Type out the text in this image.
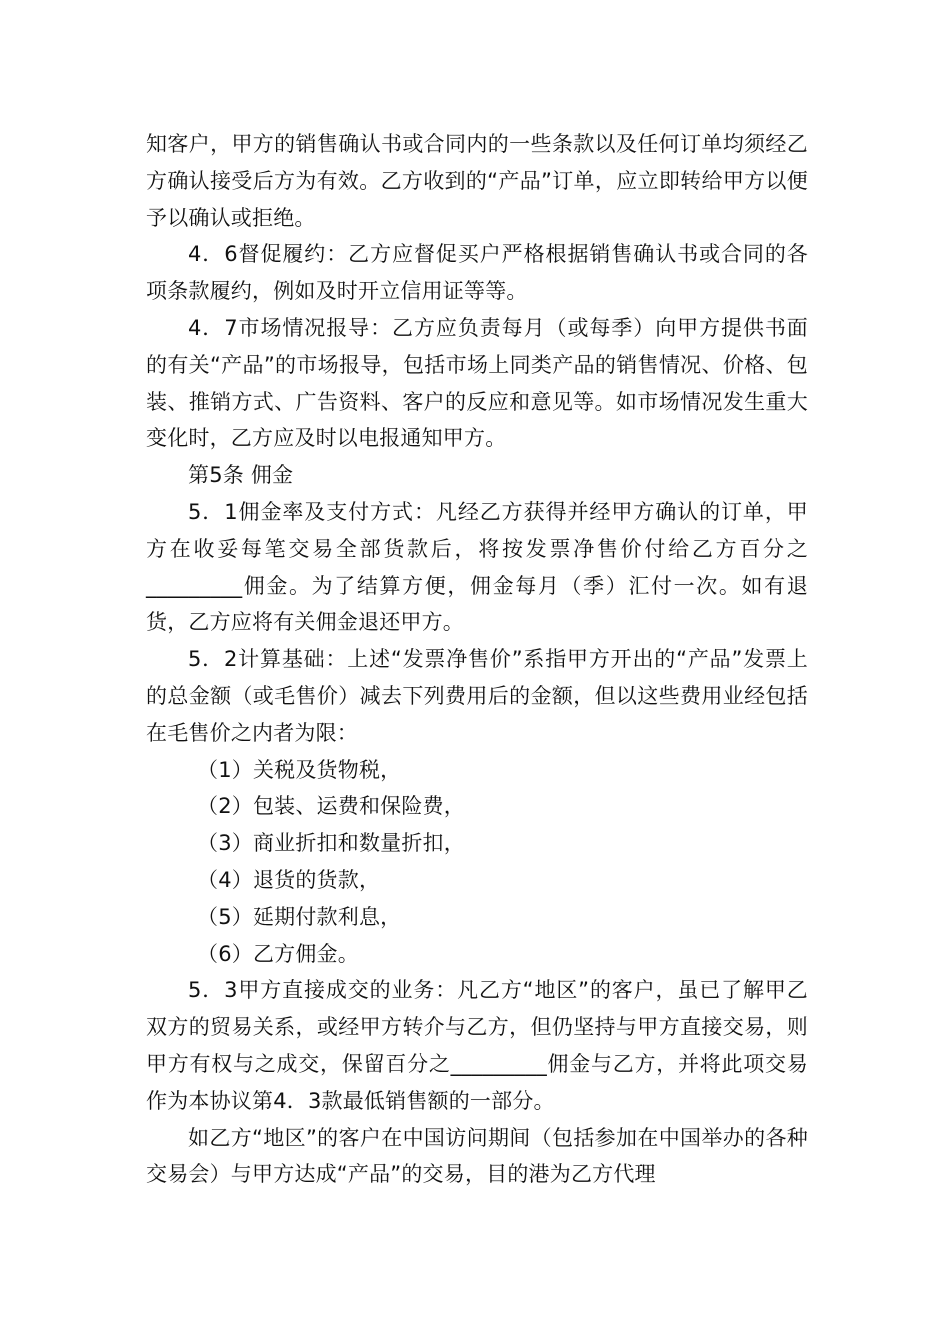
知客户，甲方的销售确认书或合同内的一些条款以及任何订单均须经乙方确认接受后方为有效。乙方收到的“产品”订单，应立即转给甲方以便予以确认或拒绝。

4．6督促履约：乙方应督促买户严格根据销售确认书或合同的各项条款履约，例如及时开立信用证等等。

4．7市场情况报导：乙方应负责每月（或每季）向甲方提供书面的有关“产品”的市场报导，包括市场上同类产品的销售情况、价格、包装、推销方式、广告资料、客户的反应和意见等。如市场情况发生重大变化时，乙方应及时以电报通知甲方。

第5条 佣金

5．1佣金率及支付方式：凡经乙方获得并经甲方确认的订单，甲方在收妥每笔交易全部货款后，将按发票净售价付给乙方百分之_________佣金。为了结算方便，佣金每月（季）汇付一次。如有退货，乙方应将有关佣金退还甲方。

5．2计算基础：上述“发票净售价”系指甲方开出的“产品”发票上的总金额（或毛售价）减去下列费用后的金额，但以这些费用业经包括在毛售价之内者为限：

（1）关税及货物税，

（2）包装、运费和保险费，

（3）商业折扣和数量折扣，

（4）退货的货款，

（5）延期付款利息，

（6）乙方佣金。

5．3甲方直接成交的业务：凡乙方“地区”的客户，虽已了解甲乙双方的贸易关系，或经甲方转介与乙方，但仍坚持与甲方直接交易，则甲方有权与之成交，保留百分之_________佣金与乙方，并将此项交易作为本协议第4．3款最低销售额的一部分。

如乙方“地区”的客户在中国访问期间（包括参加在中国举办的各种交易会）与甲方达成“产品”的交易，目的港为乙方代理
